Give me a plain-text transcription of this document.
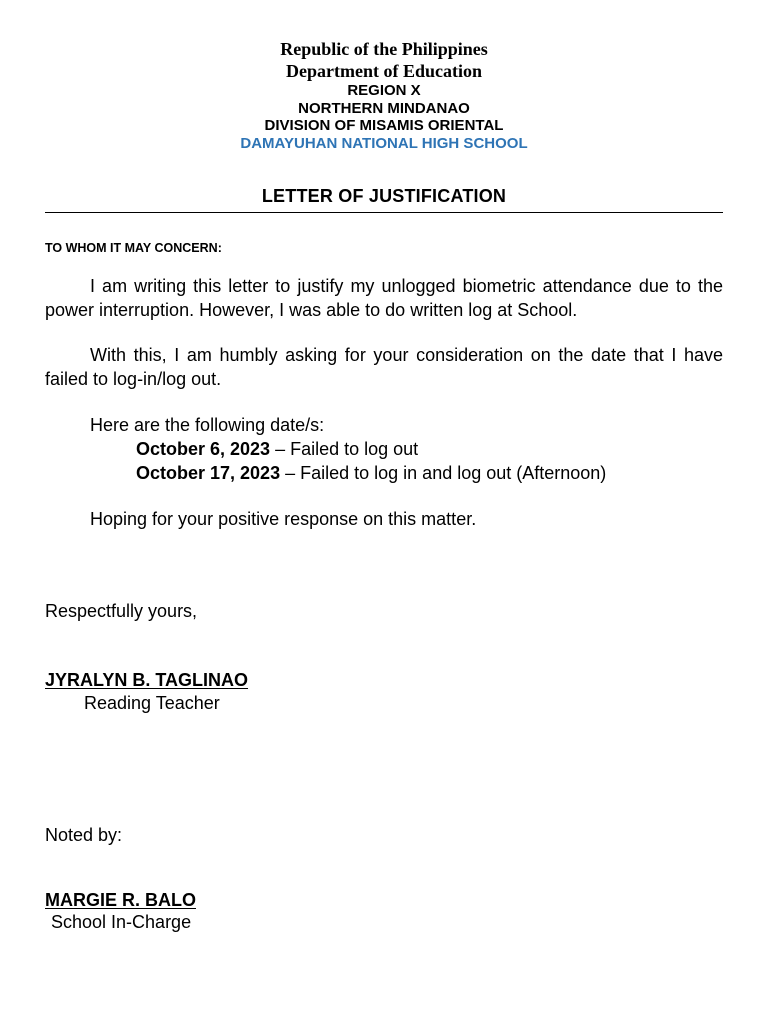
Republic of the Philippines
Department of Education
REGION X
NORTHERN MINDANAO
DIVISION OF MISAMIS ORIENTAL
DAMAYUHAN NATIONAL HIGH SCHOOL
LETTER OF JUSTIFICATION
TO WHOM IT MAY CONCERN:

I am writing this letter to justify my unlogged biometric attendance due to the power interruption. However, I was able to do written log at School.

With this, I am humbly asking for your consideration on the date that I have failed to log-in/log out.

Here are the following date/s:

October 6, 2023 – Failed to log out
October 17, 2023 – Failed to log in and log out (Afternoon)

Hoping for your positive response on this matter.

Respectfully yours,
JYRALYN B. TAGLINAO
Reading Teacher
Noted by:
MARGIE R. BALO
School In-Charge
